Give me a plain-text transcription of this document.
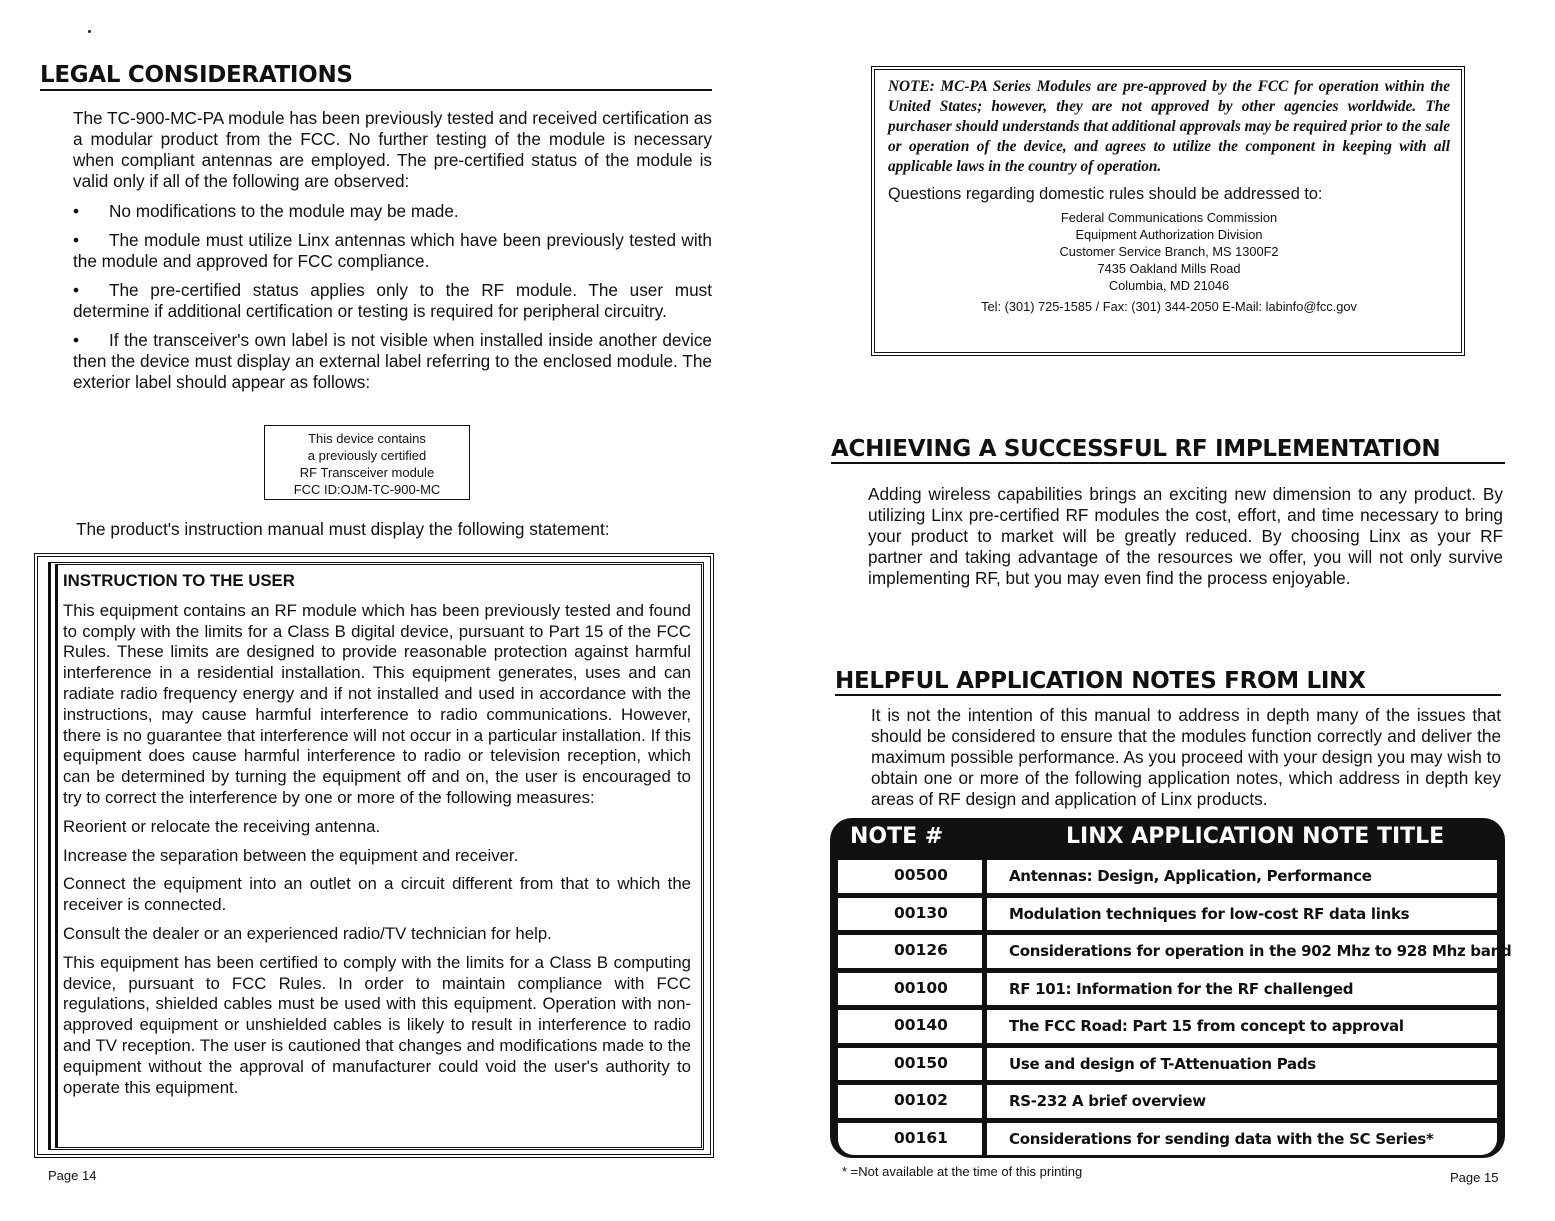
LEGAL CONSIDERATIONS

The TC-900-MC-PA module has been previously tested and received certification as a modular product from the FCC. No further testing of the module is necessary when compliant antennas are employed. The pre-certified status of the module is valid only if all of the following are observed:

• No modifications to the module may be made.

• The module must utilize Linx antennas which have been previously tested with the module and approved for FCC compliance.

• The pre-certified status applies only to the RF module. The user must determine if additional certification or testing is required for peripheral circuitry.

• If the transceiver's own label is not visible when installed inside another device then the device must display an external label referring to the enclosed module. The exterior label should appear as follows:

This device contains
a previously certified
RF Transceiver module
FCC ID:OJM-TC-900-MC
The product's instruction manual must display the following statement:

INSTRUCTION TO THE USER

This equipment contains an RF module which has been previously tested and found to comply with the limits for a Class B digital device, pursuant to Part 15 of the FCC Rules. These limits are designed to provide reasonable protection against harmful interference in a residential installation. This equipment generates, uses and can radiate radio frequency energy and if not installed and used in accordance with the instructions, may cause harmful interference to radio communications. However, there is no guarantee that interference will not occur in a particular installation. If this equipment does cause harmful interference to radio or television reception, which can be determined by turning the equipment off and on, the user is encouraged to try to correct the interference by one or more of the following measures:

Reorient or relocate the receiving antenna.

Increase the separation between the equipment and receiver.

Connect the equipment into an outlet on a circuit different from that to which the receiver is connected.

Consult the dealer or an experienced radio/TV technician for help.

This equipment has been certified to comply with the limits for a Class B computing device, pursuant to FCC Rules. In order to maintain compliance with FCC regulations, shielded cables must be used with this equipment. Operation with non-approved equipment or unshielded cables is likely to result in interference to radio and TV reception. The user is cautioned that changes and modifications made to the equipment without the approval of manufacturer could void the user's authority to operate this equipment.

Page 14
NOTE: MC-PA Series Modules are pre-approved by the FCC for operation within the United States; however, they are not approved by other agencies worldwide. The purchaser should understands that additional approvals may be required prior to the sale or operation of the device, and agrees to utilize the component in keeping with all applicable laws in the country of operation.
Questions regarding domestic rules should be addressed to:
Federal Communications Commission
Equipment Authorization Division
Customer Service Branch, MS 1300F2
7435 Oakland Mills Road
Columbia, MD 21046
Tel: (301) 725-1585 / Fax: (301) 344-2050 E-Mail: labinfo@fcc.gov
ACHIEVING A SUCCESSFUL RF IMPLEMENTATION
Adding wireless capabilities brings an exciting new dimension to any product. By utilizing Linx pre-certified RF modules the cost, effort, and time necessary to bring your product to market will be greatly reduced. By choosing Linx as your RF partner and taking advantage of the resources we offer, you will not only survive implementing RF, but you may even find the process enjoyable.
HELPFUL APPLICATION NOTES FROM LINX
It is not the intention of this manual to address in depth many of the issues that should be considered to ensure that the modules function correctly and deliver the maximum possible performance. As you proceed with your design you may wish to obtain one or more of the following application notes, which address in depth key areas of RF design and application of Linx products.
NOTE #	LINX APPLICATION NOTE TITLE
00500	Antennas: Design, Application, Performance
00130	Modulation techniques for low-cost RF data links
00126	Considerations for operation in the 902 Mhz to 928 Mhz band
00100	RF 101: Information for the RF challenged
00140	The FCC Road: Part 15 from concept to approval
00150	Use and design of T-Attenuation Pads
00102	RS-232 A brief overview
00161	Considerations for sending data with the SC Series*
* =Not available at the time of this printing	Page 15
